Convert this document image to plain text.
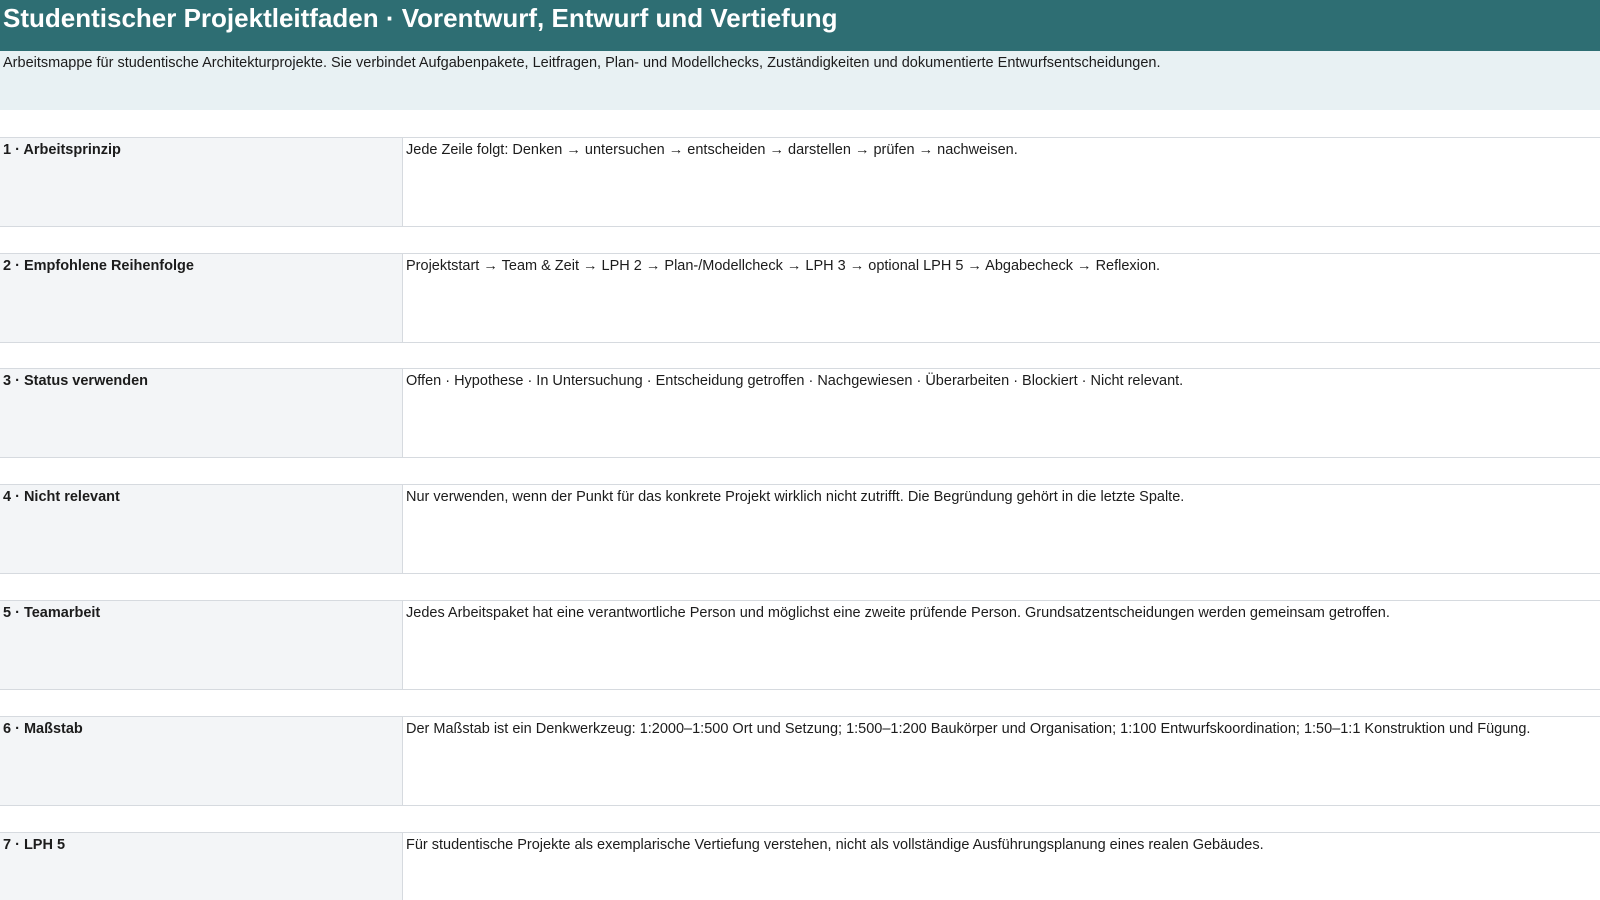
Studentischer Projektleitfaden · Vorentwurf, Entwurf und Vertiefung
Arbeitsmappe für studentische Architekturprojekte. Sie verbindet Aufgabenpakete, Leitfragen, Plan- und Modellchecks, Zuständigkeiten und dokumentierte Entwurfsentscheidungen.
1 · Arbeitsprinzip	Jede Zeile folgt: Denken → untersuchen → entscheiden → darstellen → prüfen → nachweisen.
2 · Empfohlene Reihenfolge	Projektstart → Team & Zeit → LPH 2 → Plan-/Modellcheck → LPH 3 → optional LPH 5 → Abgabecheck → Reflexion.
3 · Status verwenden	Offen · Hypothese · In Untersuchung · Entscheidung getroffen · Nachgewiesen · Überarbeiten · Blockiert · Nicht relevant.
4 · Nicht relevant	Nur verwenden, wenn der Punkt für das konkrete Projekt wirklich nicht zutrifft. Die Begründung gehört in die letzte Spalte.
5 · Teamarbeit	Jedes Arbeitspaket hat eine verantwortliche Person und möglichst eine zweite prüfende Person. Grundsatzentscheidungen werden gemeinsam getroffen.
6 · Maßstab	Der Maßstab ist ein Denkwerkzeug: 1:2000–1:500 Ort und Setzung; 1:500–1:200 Baukörper und Organisation; 1:100 Entwurfskoordination; 1:50–1:1 Konstruktion und Fügung.
7 · LPH 5	Für studentische Projekte als exemplarische Vertiefung verstehen, nicht als vollständige Ausführungsplanung eines realen Gebäudes.
